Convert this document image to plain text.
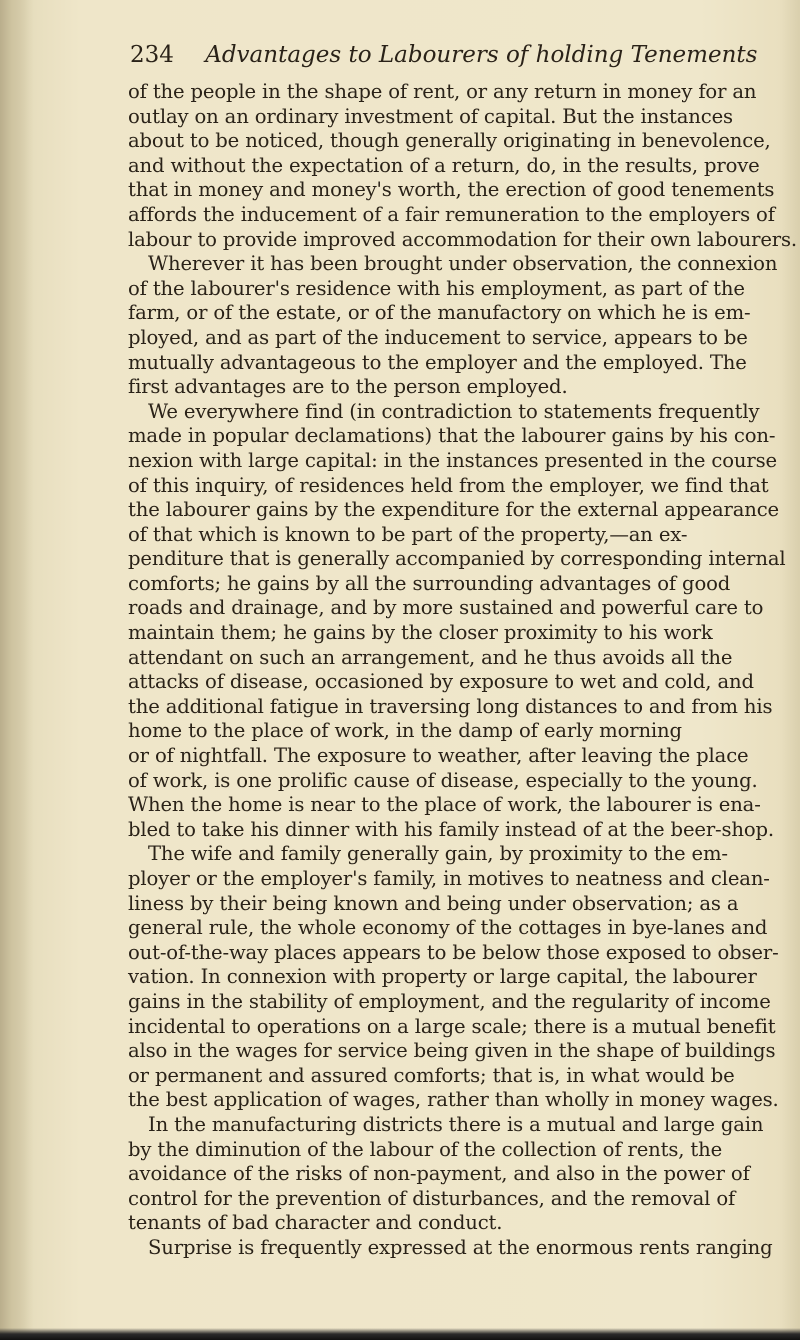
234 Advantages to Labourers of holding Tenements
of the people in the shape of rent, or any return in money for an
outlay on an ordinary investment of capital. But the instances
about to be noticed, though generally originating in benevolence,
and without the expectation of a return, do, in the results, prove
that in money and money's worth, the erection of good tenements
affords the inducement of a fair remuneration to the employers of
labour to provide improved accommodation for their own labourers.
Wherever it has been brought under observation, the connexion
of the labourer's residence with his employment, as part of the
farm, or of the estate, or of the manufactory on which he is em-
ployed, and as part of the inducement to service, appears to be
mutually advantageous to the employer and the employed. The
first advantages are to the person employed.
We everywhere find (in contradiction to statements frequently
made in popular declamations) that the labourer gains by his con-
nexion with large capital: in the instances presented in the course
of this inquiry, of residences held from the employer, we find that
the labourer gains by the expenditure for the external appearance
of that which is known to be part of the property,—an ex-
penditure that is generally accompanied by corresponding internal
comforts; he gains by all the surrounding advantages of good
roads and drainage, and by more sustained and powerful care to
maintain them; he gains by the closer proximity to his work
attendant on such an arrangement, and he thus avoids all the
attacks of disease, occasioned by exposure to wet and cold, and
the additional fatigue in traversing long distances to and from his
home to the place of work, in the damp of early morning
or of nightfall. The exposure to weather, after leaving the place
of work, is one prolific cause of disease, especially to the young.
When the home is near to the place of work, the labourer is ena-
bled to take his dinner with his family instead of at the beer-shop.
The wife and family generally gain, by proximity to the em-
ployer or the employer's family, in motives to neatness and clean-
liness by their being known and being under observation; as a
general rule, the whole economy of the cottages in bye-lanes and
out-of-the-way places appears to be below those exposed to obser-
vation. In connexion with property or large capital, the labourer
gains in the stability of employment, and the regularity of income
incidental to operations on a large scale; there is a mutual benefit
also in the wages for service being given in the shape of buildings
or permanent and assured comforts; that is, in what would be
the best application of wages, rather than wholly in money wages.
In the manufacturing districts there is a mutual and large gain
by the diminution of the labour of the collection of rents, the
avoidance of the risks of non-payment, and also in the power of
control for the prevention of disturbances, and the removal of
tenants of bad character and conduct.
Surprise is frequently expressed at the enormous rents ranging
